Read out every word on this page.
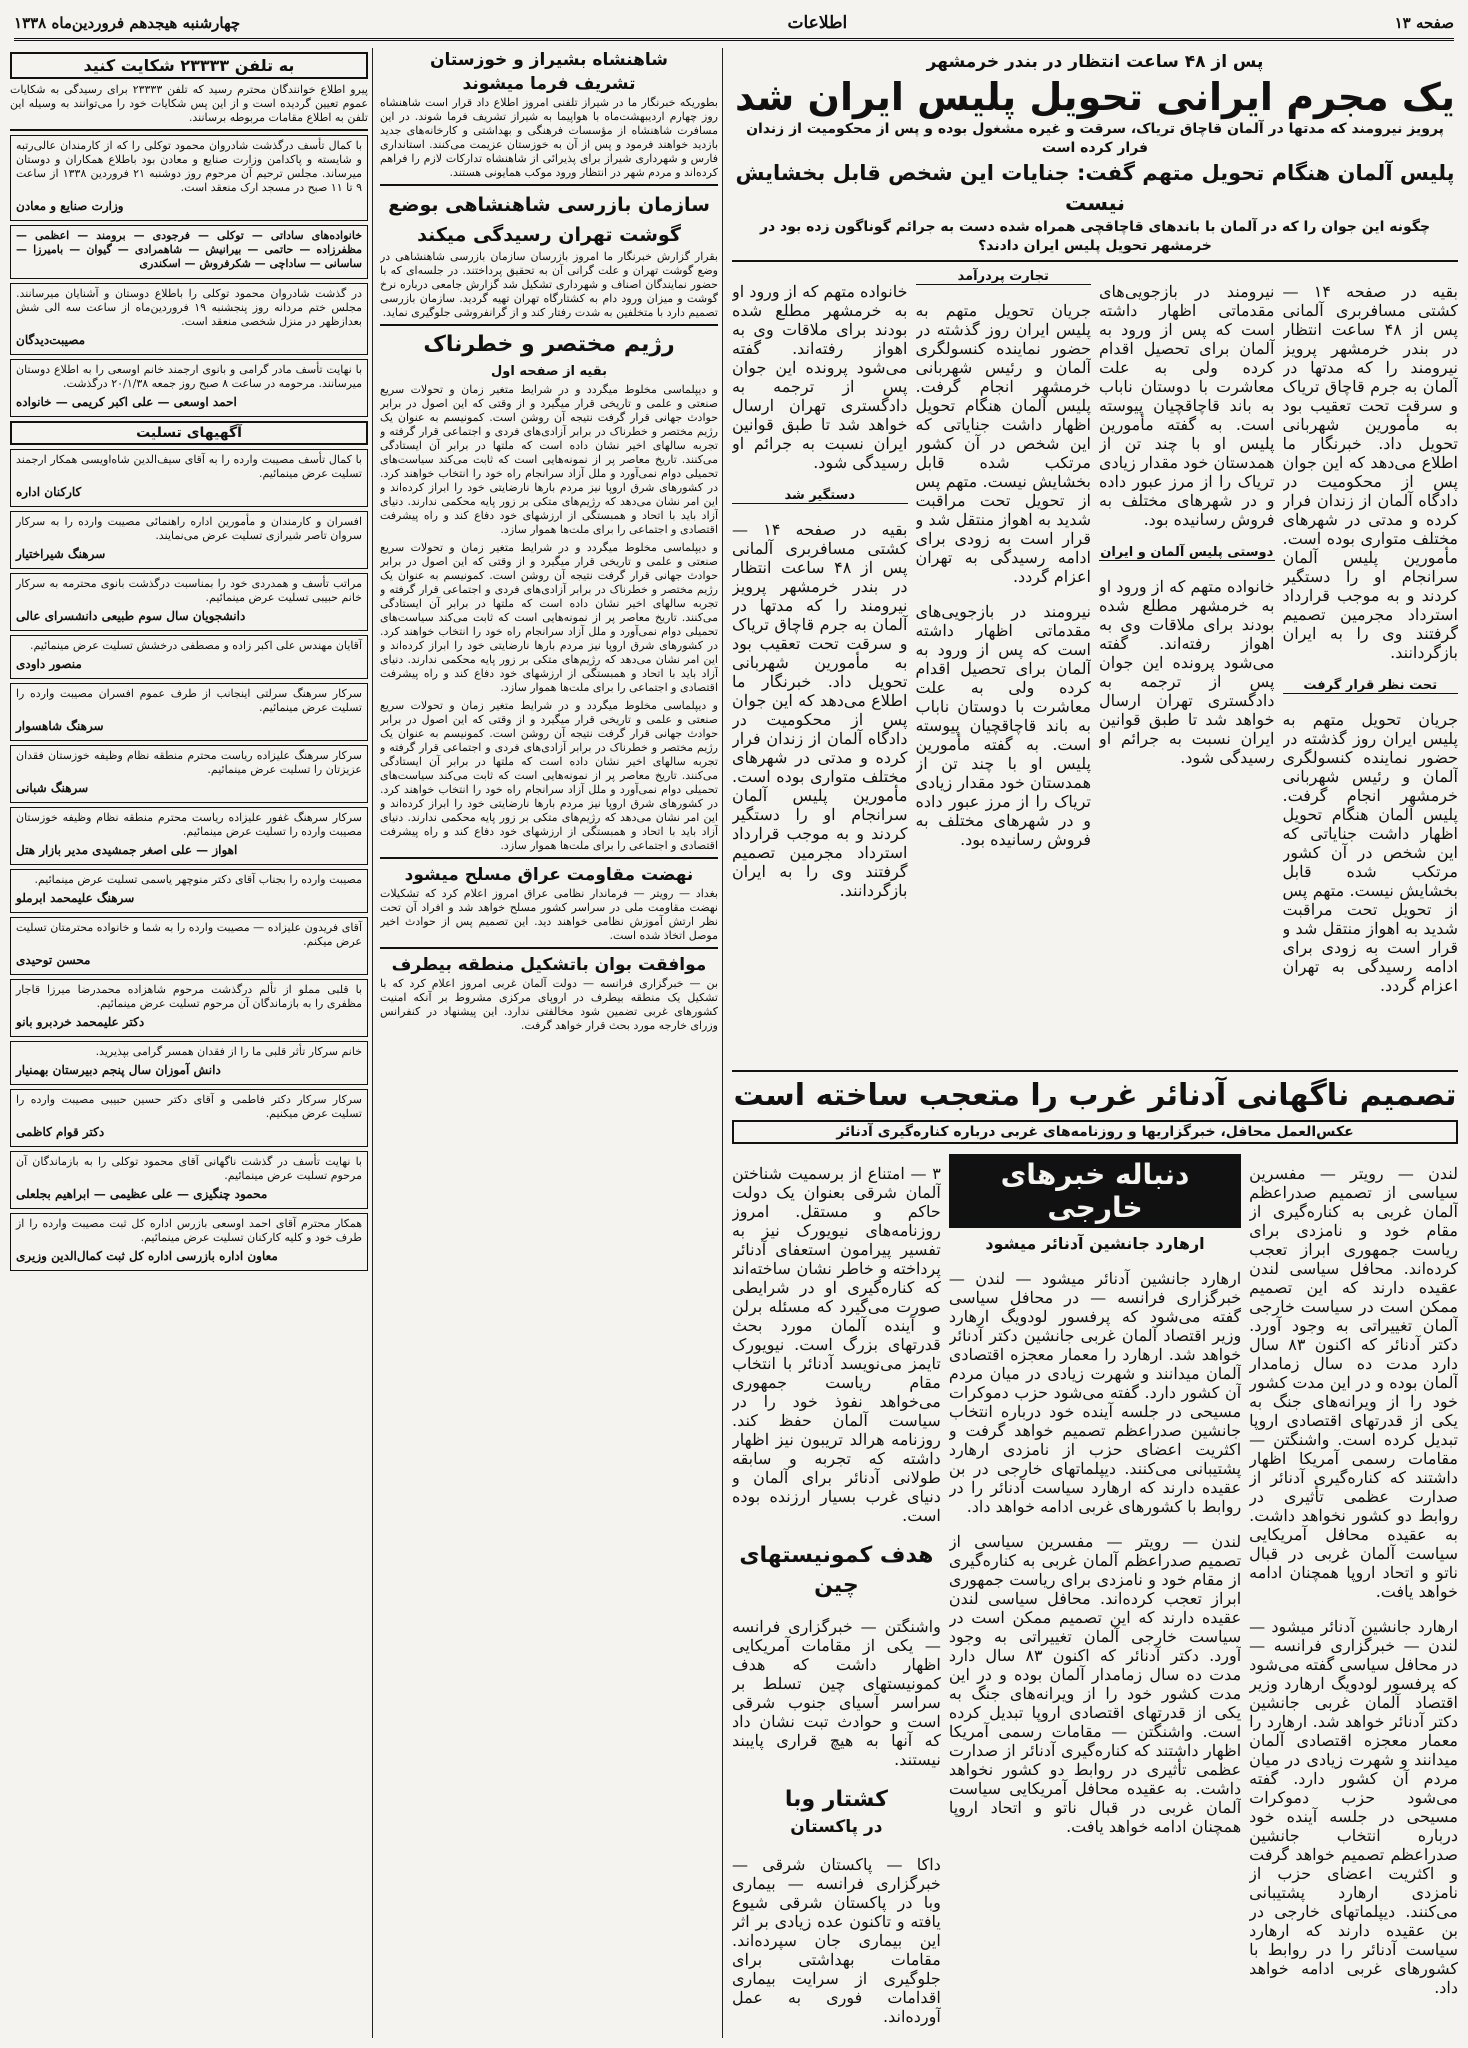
صفحه ۱۳
اطلاعات
چهارشنبه هیجدهم فروردین‌ماه ۱۳۳۸
پس از ۴۸ ساعت انتظار در بندر خرمشهر
یک مجرم ایرانی تحویل پلیس ایران شد
پرویز نیرومند که مدتها در آلمان قاچاق تریاک، سرقت و غیره مشغول بوده و پس از محکومیت از زندان فرار کرده است
پلیس آلمان هنگام تحویل متهم گفت: جنایات این شخص قابل بخشایش نیست
چگونه این جوان را که در آلمان با باندهای قاچاقچی همراه شده دست به جرائم گوناگون زده بود در خرمشهر تحویل پلیس ایران دادند؟

بقیه در صفحه ۱۴ — کشتی مسافربری آلمانی پس از ۴۸ ساعت انتظار در بندر خرمشهر پرویز نیرومند را که مدتها در آلمان به جرم قاچاق تریاک و سرقت تحت تعقیب بود به مأمورین شهربانی تحویل داد. خبرنگار ما اطلاع می‌دهد که این جوان پس از محکومیت در دادگاه آلمان از زندان فرار کرده و مدتی در شهرهای مختلف متواری بوده است. مأمورین پلیس آلمان سرانجام او را دستگیر کردند و به موجب قرارداد استرداد مجرمین تصمیم گرفتند وی را به ایران بازگردانند.

تحت نظر قرار گرفت

جریان تحویل متهم به پلیس ایران روز گذشته در حضور نماینده کنسولگری آلمان و رئیس شهربانی خرمشهر انجام گرفت. پلیس آلمان هنگام تحویل اظهار داشت جنایاتی که این شخص در آن کشور مرتکب شده قابل بخشایش نیست. متهم پس از تحویل تحت مراقبت شدید به اهواز منتقل شد و قرار است به زودی برای ادامه رسیدگی به تهران اعزام گردد.

نیرومند در بازجویی‌های مقدماتی اظهار داشته است که پس از ورود به آلمان برای تحصیل اقدام کرده ولی به علت معاشرت با دوستان ناباب به باند قاچاقچیان پیوسته است. به گفته مأمورین پلیس او با چند تن از همدستان خود مقدار زیادی تریاک را از مرز عبور داده و در شهرهای مختلف به فروش رسانیده بود.

دوستی پلیس آلمان و ایران

خانواده متهم که از ورود او به خرمشهر مطلع شده بودند برای ملاقات وی به اهواز رفته‌اند. گفته می‌شود پرونده این جوان پس از ترجمه به دادگستری تهران ارسال خواهد شد تا طبق قوانین ایران نسبت به جرائم او رسیدگی شود.

تجارت پردرآمد

جریان تحویل متهم به پلیس ایران روز گذشته در حضور نماینده کنسولگری آلمان و رئیس شهربانی خرمشهر انجام گرفت. پلیس آلمان هنگام تحویل اظهار داشت جنایاتی که این شخص در آن کشور مرتکب شده قابل بخشایش نیست. متهم پس از تحویل تحت مراقبت شدید به اهواز منتقل شد و قرار است به زودی برای ادامه رسیدگی به تهران اعزام گردد.

نیرومند در بازجویی‌های مقدماتی اظهار داشته است که پس از ورود به آلمان برای تحصیل اقدام کرده ولی به علت معاشرت با دوستان ناباب به باند قاچاقچیان پیوسته است. به گفته مأمورین پلیس او با چند تن از همدستان خود مقدار زیادی تریاک را از مرز عبور داده و در شهرهای مختلف به فروش رسانیده بود.

خانواده متهم که از ورود او به خرمشهر مطلع شده بودند برای ملاقات وی به اهواز رفته‌اند. گفته می‌شود پرونده این جوان پس از ترجمه به دادگستری تهران ارسال خواهد شد تا طبق قوانین ایران نسبت به جرائم او رسیدگی شود.

دستگیر شد

بقیه در صفحه ۱۴ — کشتی مسافربری آلمانی پس از ۴۸ ساعت انتظار در بندر خرمشهر پرویز نیرومند را که مدتها در آلمان به جرم قاچاق تریاک و سرقت تحت تعقیب بود به مأمورین شهربانی تحویل داد. خبرنگار ما اطلاع می‌دهد که این جوان پس از محکومیت در دادگاه آلمان از زندان فرار کرده و مدتی در شهرهای مختلف متواری بوده است. مأمورین پلیس آلمان سرانجام او را دستگیر کردند و به موجب قرارداد استرداد مجرمین تصمیم گرفتند وی را به ایران بازگردانند.

تصمیم ناگهانی آدنائر غرب را متعجب ساخته است
عکس‌العمل محافل، خبرگزاریها و روزنامه‌های غربی درباره کناره‌گیری آدنائر

لندن — رویتر — مفسرین سیاسی از تصمیم صدراعظم آلمان غربی به کناره‌گیری از مقام خود و نامزدی برای ریاست جمهوری ابراز تعجب کرده‌اند. محافل سیاسی لندن عقیده دارند که این تصمیم ممکن است در سیاست خارجی آلمان تغییراتی به وجود آورد. دکتر آدنائر که اکنون ۸۳ سال دارد مدت ده سال زمامدار آلمان بوده و در این مدت کشور خود را از ویرانه‌های جنگ به یکی از قدرتهای اقتصادی اروپا تبدیل کرده است. واشنگتن — مقامات رسمی آمریکا اظهار داشتند که کناره‌گیری آدنائر از صدارت عظمی تأثیری در روابط دو کشور نخواهد داشت. به عقیده محافل آمریکایی سیاست آلمان غربی در قبال ناتو و اتحاد اروپا همچنان ادامه خواهد یافت.

ارهارد جانشین آدنائر میشود — لندن — خبرگزاری فرانسه — در محافل سیاسی گفته می‌شود که پرفسور لودویگ ارهارد وزیر اقتصاد آلمان غربی جانشین دکتر آدنائر خواهد شد. ارهارد را معمار معجزه اقتصادی آلمان میدانند و شهرت زیادی در میان مردم آن کشور دارد. گفته می‌شود حزب دموکرات مسیحی در جلسه آینده خود درباره انتخاب جانشین صدراعظم تصمیم خواهد گرفت و اکثریت اعضای حزب از نامزدی ارهارد پشتیبانی می‌کنند. دیپلماتهای خارجی در بن عقیده دارند که ارهارد سیاست آدنائر را در روابط با کشورهای غربی ادامه خواهد داد.

دنباله خبرهای خارجی
ارهارد جانشین آدنائر میشود

ارهارد جانشین آدنائر میشود — لندن — خبرگزاری فرانسه — در محافل سیاسی گفته می‌شود که پرفسور لودویگ ارهارد وزیر اقتصاد آلمان غربی جانشین دکتر آدنائر خواهد شد. ارهارد را معمار معجزه اقتصادی آلمان میدانند و شهرت زیادی در میان مردم آن کشور دارد. گفته می‌شود حزب دموکرات مسیحی در جلسه آینده خود درباره انتخاب جانشین صدراعظم تصمیم خواهد گرفت و اکثریت اعضای حزب از نامزدی ارهارد پشتیبانی می‌کنند. دیپلماتهای خارجی در بن عقیده دارند که ارهارد سیاست آدنائر را در روابط با کشورهای غربی ادامه خواهد داد.

لندن — رویتر — مفسرین سیاسی از تصمیم صدراعظم آلمان غربی به کناره‌گیری از مقام خود و نامزدی برای ریاست جمهوری ابراز تعجب کرده‌اند. محافل سیاسی لندن عقیده دارند که این تصمیم ممکن است در سیاست خارجی آلمان تغییراتی به وجود آورد. دکتر آدنائر که اکنون ۸۳ سال دارد مدت ده سال زمامدار آلمان بوده و در این مدت کشور خود را از ویرانه‌های جنگ به یکی از قدرتهای اقتصادی اروپا تبدیل کرده است. واشنگتن — مقامات رسمی آمریکا اظهار داشتند که کناره‌گیری آدنائر از صدارت عظمی تأثیری در روابط دو کشور نخواهد داشت. به عقیده محافل آمریکایی سیاست آلمان غربی در قبال ناتو و اتحاد اروپا همچنان ادامه خواهد یافت.

۳ — امتناع از برسمیت شناختن آلمان شرقی بعنوان یک دولت حاکم و مستقل. امروز روزنامه‌های نیویورک نیز به تفسیر پیرامون استعفای آدنائر پرداخته و خاطر نشان ساخته‌اند که کناره‌گیری او در شرایطی صورت می‌گیرد که مسئله برلن و آینده آلمان مورد بحث قدرتهای بزرگ است. نیویورک تایمز می‌نویسد آدنائر با انتخاب مقام ریاست جمهوری می‌خواهد نفوذ خود را در سیاست آلمان حفظ کند. روزنامه هرالد تریبون نیز اظهار داشته که تجربه و سابقه طولانی آدنائر برای آلمان و دنیای غرب بسیار ارزنده بوده است.

هدف کمونیستهای
چین

واشنگتن — خبرگزاری فرانسه — یکی از مقامات آمریکایی اظهار داشت که هدف کمونیستهای چین تسلط بر سراسر آسیای جنوب شرقی است و حوادث تبت نشان داد که آنها به هیچ قراری پایبند نیستند.

کشتار وبا
در پاکستان

داکا — پاکستان شرقی — خبرگزاری فرانسه — بیماری وبا در پاکستان شرقی شیوع یافته و تاکنون عده زیادی بر اثر این بیماری جان سپرده‌اند. مقامات بهداشتی برای جلوگیری از سرایت بیماری اقدامات فوری به عمل آورده‌اند.

شاهنشاه بشیراز و خوزستان
تشریف فرما میشوند

بطوریکه خبرنگار ما در شیراز تلفنی امروز اطلاع داد قرار است شاهنشاه روز چهارم اردیبهشت‌ماه با هواپیما به شیراز تشریف فرما شوند. در این مسافرت شاهنشاه از مؤسسات فرهنگی و بهداشتی و کارخانه‌های جدید بازدید خواهند فرمود و پس از آن به خوزستان عزیمت می‌کنند. استانداری فارس و شهرداری شیراز برای پذیرائی از شاهنشاه تدارکات لازم را فراهم کرده‌اند و مردم شهر در انتظار ورود موکب همایونی هستند.

سازمان بازرسی شاهنشاهی بوضع
گوشت تهران رسیدگی میکند

بقرار گزارش خبرنگار ما امروز بازرسان سازمان بازرسی شاهنشاهی در وضع گوشت تهران و علت گرانی آن به تحقیق پرداختند. در جلسه‌ای که با حضور نمایندگان اصناف و شهرداری تشکیل شد گزارش جامعی درباره نرخ گوشت و میزان ورود دام به کشتارگاه تهران تهیه گردید. سازمان بازرسی تصمیم دارد با متخلفین به شدت رفتار کند و از گرانفروشی جلوگیری نماید.

رژیم مختصر و خطرناک
بقیه از صفحه اول

و دیپلماسی مخلوط میگردد و در شرایط متغیر زمان و تحولات سریع صنعتی و علمی و تاریخی قرار میگیرد و از وقتی که این اصول در برابر حوادث جهانی قرار گرفت نتیجه آن روشن است. کمونیسم به عنوان یک رژیم مختصر و خطرناک در برابر آزادی‌های فردی و اجتماعی قرار گرفته و تجربه سالهای اخیر نشان داده است که ملتها در برابر آن ایستادگی می‌کنند. تاریخ معاصر پر از نمونه‌هایی است که ثابت می‌کند سیاست‌های تحمیلی دوام نمی‌آورد و ملل آزاد سرانجام راه خود را انتخاب خواهند کرد. در کشورهای شرق اروپا نیز مردم بارها نارضایتی خود را ابراز کرده‌اند و این امر نشان می‌دهد که رژیم‌های متکی بر زور پایه محکمی ندارند. دنیای آزاد باید با اتحاد و همبستگی از ارزشهای خود دفاع کند و راه پیشرفت اقتصادی و اجتماعی را برای ملت‌ها هموار سازد.

و دیپلماسی مخلوط میگردد و در شرایط متغیر زمان و تحولات سریع صنعتی و علمی و تاریخی قرار میگیرد و از وقتی که این اصول در برابر حوادث جهانی قرار گرفت نتیجه آن روشن است. کمونیسم به عنوان یک رژیم مختصر و خطرناک در برابر آزادی‌های فردی و اجتماعی قرار گرفته و تجربه سالهای اخیر نشان داده است که ملتها در برابر آن ایستادگی می‌کنند. تاریخ معاصر پر از نمونه‌هایی است که ثابت می‌کند سیاست‌های تحمیلی دوام نمی‌آورد و ملل آزاد سرانجام راه خود را انتخاب خواهند کرد. در کشورهای شرق اروپا نیز مردم بارها نارضایتی خود را ابراز کرده‌اند و این امر نشان می‌دهد که رژیم‌های متکی بر زور پایه محکمی ندارند. دنیای آزاد باید با اتحاد و همبستگی از ارزشهای خود دفاع کند و راه پیشرفت اقتصادی و اجتماعی را برای ملت‌ها هموار سازد.

و دیپلماسی مخلوط میگردد و در شرایط متغیر زمان و تحولات سریع صنعتی و علمی و تاریخی قرار میگیرد و از وقتی که این اصول در برابر حوادث جهانی قرار گرفت نتیجه آن روشن است. کمونیسم به عنوان یک رژیم مختصر و خطرناک در برابر آزادی‌های فردی و اجتماعی قرار گرفته و تجربه سالهای اخیر نشان داده است که ملتها در برابر آن ایستادگی می‌کنند. تاریخ معاصر پر از نمونه‌هایی است که ثابت می‌کند سیاست‌های تحمیلی دوام نمی‌آورد و ملل آزاد سرانجام راه خود را انتخاب خواهند کرد. در کشورهای شرق اروپا نیز مردم بارها نارضایتی خود را ابراز کرده‌اند و این امر نشان می‌دهد که رژیم‌های متکی بر زور پایه محکمی ندارند. دنیای آزاد باید با اتحاد و همبستگی از ارزشهای خود دفاع کند و راه پیشرفت اقتصادی و اجتماعی را برای ملت‌ها هموار سازد.

نهضت مقاومت عراق مسلح میشود

بغداد — رویتر — فرماندار نظامی عراق امروز اعلام کرد که تشکیلات نهضت مقاومت ملی در سراسر کشور مسلح خواهد شد و افراد آن تحت نظر ارتش آموزش نظامی خواهند دید. این تصمیم پس از حوادث اخیر موصل اتخاذ شده است.

موافقت بوان باتشکیل منطقه بیطرف

بن — خبرگزاری فرانسه — دولت آلمان غربی امروز اعلام کرد که با تشکیل یک منطقه بیطرف در اروپای مرکزی مشروط بر آنکه امنیت کشورهای غربی تضمین شود مخالفتی ندارد. این پیشنهاد در کنفرانس وزرای خارجه مورد بحث قرار خواهد گرفت.

به تلفن ۲۳۳۳۳ شکایت کنید

پیرو اطلاع خوانندگان محترم رسید که تلفن ۲۳۳۳۳ برای رسیدگی به شکایات عموم تعیین گردیده است و از این پس شکایات خود را می‌توانند به وسیله این تلفن به اطلاع مقامات مربوطه برسانند.

با کمال تأسف درگذشت شادروان محمود توکلی را که از کارمندان عالی‌رتبه و شایسته و پاکدامن وزارت صنایع و معادن بود باطلاع همکاران و دوستان میرساند. مجلس ترحیم آن مرحوم روز دوشنبه ۲۱ فروردین ۱۳۳۸ از ساعت ۹ تا ۱۱ صبح در مسجد ارک منعقد است.

وزارت صنایع و معادن

خانواده‌های ساداتی — توکلی — فرجودی — برومند — اعظمی — مظفرزاده — حاتمی — بیرانیش — شاهمرادی — گیوان — بامیرزا — ساسانی — ساداچی — شکرفروش — اسکندری

در گذشت شادروان محمود توکلی را باطلاع دوستان و آشنایان میرسانند. مجلس ختم مردانه روز پنجشنبه ۱۹ فروردین‌ماه از ساعت سه الی شش بعدازظهر در منزل شخصی منعقد است.

مصیبت‌دیدگان

با نهایت تأسف مادر گرامی و بانوی ارجمند خانم اوسعی را به اطلاع دوستان میرسانند. مرحومه در ساعت ۸ صبح روز جمعه ۲۰/۱/۳۸ درگذشت.

احمد اوسعی — علی اکبر کریمی — خانواده
آگهیهای تسلیت

با کمال تأسف مصیبت وارده را به آقای سیف‌الدین شاه‌اویسی همکار ارجمند تسلیت عرض مینمائیم.

کارکنان اداره

افسران و کارمندان و مأمورین اداره راهنمائی مصیبت وارده را به سرکار سروان تاصر شیرازی تسلیت عرض می‌نمایند.

سرهنگ شیراختیار

مراتب تأسف و همدردی خود را بمناسبت درگذشت بانوی محترمه به سرکار خانم حبیبی تسلیت عرض مینمائیم.

دانشجویان سال سوم طبیعی دانشسرای عالی

آقایان مهندس علی اکبر زاده و مصطفی درخشش تسلیت عرض مینمائیم.

منصور داودی

سرکار سرهنگ سرلتی اینجانب از طرف عموم افسران مصیبت وارده را تسلیت عرض مینمائیم.

سرهنگ شاهسوار

سرکار سرهنگ علیزاده ریاست محترم منطقه نظام وظیفه خوزستان فقدان عزیزتان را تسلیت عرض مینمائیم.

سرهنگ شبانی

سرکار سرهنگ غفور علیزاده ریاست محترم منطقه نظام وظیفه خوزستان مصیبت وارده را تسلیت عرض مینمائیم.

اهواز — علی اصغر جمشیدی مدیر بازار هتل

مصیبت وارده را بجناب آقای دکتر منوچهر یاسمی تسلیت عرض مینمائیم.

سرهنگ علیمحمد ابرملو

آقای فریدون علیزاده — مصیبت وارده را به شما و خانواده محترمتان تسلیت عرض میکنم.

محسن توحیدی

با قلبی مملو از تألم درگذشت مرحوم شاهزاده محمدرضا میرزا قاجار مظفری را به بازماندگان آن مرحوم تسلیت عرض مینمائیم.

دکتر علیمحمد خردبرو بانو

خانم سرکار تأثر قلبی ما را از فقدان همسر گرامی بپذیرید.

دانش آموزان سال پنجم دبیرستان بهمنیار

سرکار سرکار دکتر فاطمی و آقای دکتر حسین حبیبی مصیبت وارده را تسلیت عرض میکنیم.

دکتر قوام کاظمی

با نهایت تأسف در گذشت ناگهانی آقای محمود توکلی را به بازماندگان آن مرحوم تسلیت عرض مینمائیم.

محمود چنگیزی — علی عظیمی — ابراهیم بجلعلی

همکار محترم آقای احمد اوسعی بازرس اداره کل ثبت مصیبت وارده را از طرف خود و کلیه کارکنان تسلیت عرض مینمائیم.

معاون اداره بازرسی اداره کل ثبت کمال‌الدین وزیری
